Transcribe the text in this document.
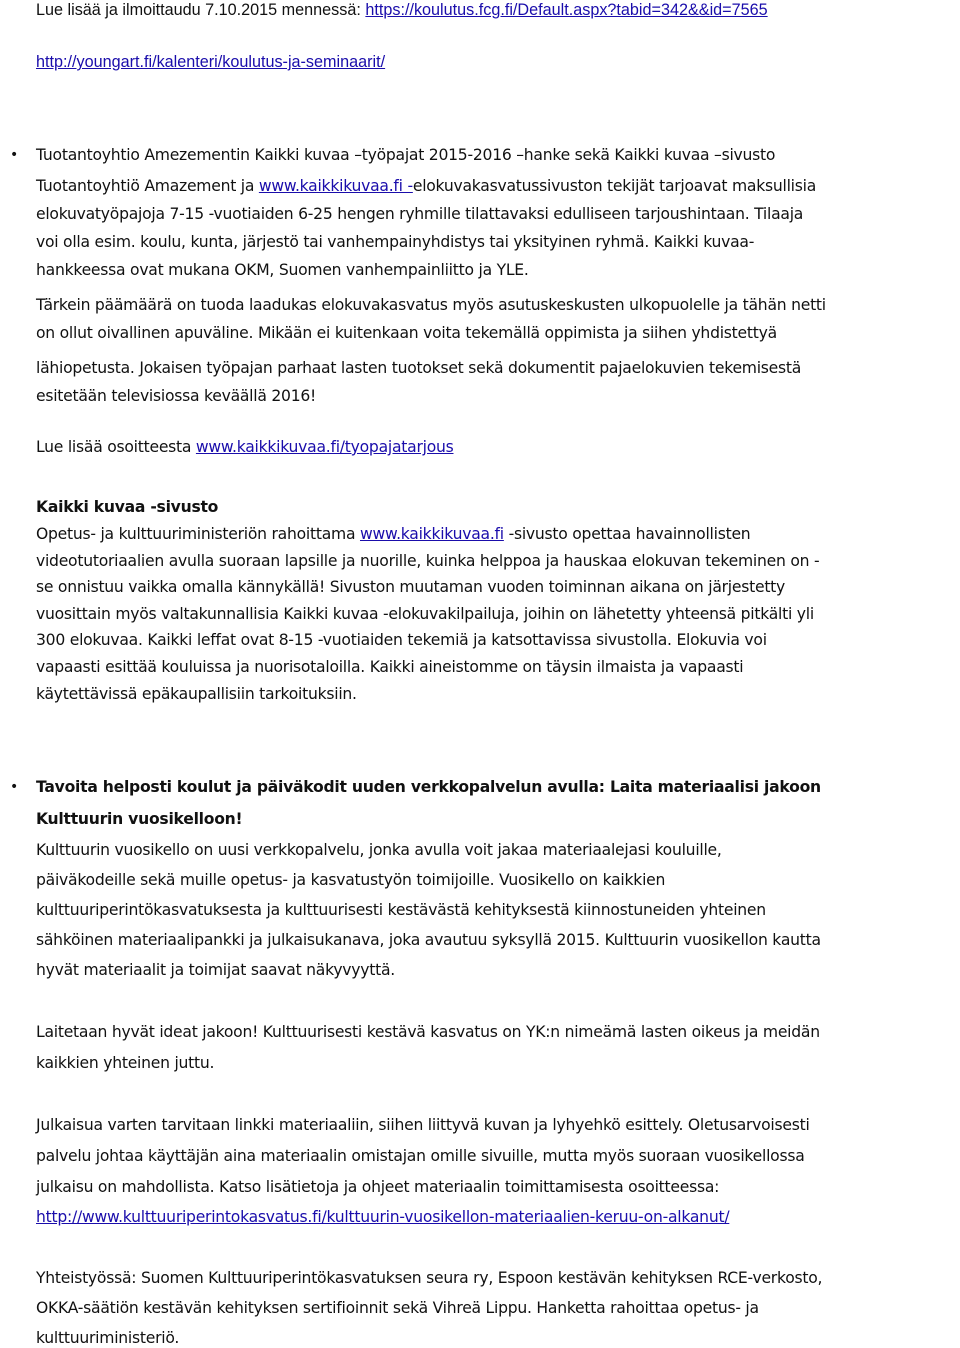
Lue lisää ja ilmoittaudu 7.10.2015 mennessä: https://koulutus.fcg.fi/Default.aspx?tabid=342&&id=7565
http://youngart.fi/kalenteri/koulutus-ja-seminaarit/
• Tuotantoyhtio Amezementin Kaikki kuvaa –työpajat 2015-2016 –hanke sekä Kaikki kuvaa –sivusto
Tuotantoyhtiö Amazement ja www.kaikkikuvaa.fi -elokuvakasvatussivuston tekijät tarjoavat maksullisia
elokuvatyöpajoja 7-15 -vuotiaiden 6-25 hengen ryhmille tilattavaksi edulliseen tarjoushintaan. Tilaaja
voi olla esim. koulu, kunta, järjestö tai vanhempainyhdistys tai yksityinen ryhmä. Kaikki kuvaa-
hankkeessa ovat mukana OKM, Suomen vanhempainliitto ja YLE.
Tärkein päämäärä on tuoda laadukas elokuvakasvatus myös asutuskeskusten ulkopuolelle ja tähän netti
on ollut oivallinen apuväline. Mikään ei kuitenkaan voita tekemällä oppimista ja siihen yhdistettyä
lähiopetusta. Jokaisen työpajan parhaat lasten tuotokset sekä dokumentit pajaelokuvien tekemisestä
esitetään televisiossa keväällä 2016!
Lue lisää osoitteesta www.kaikkikuvaa.fi/tyopajatarjous
Kaikki kuvaa -sivusto
Opetus- ja kulttuuriministeriön rahoittama www.kaikkikuvaa.fi -sivusto opettaa havainnollisten
videotutoriaalien avulla suoraan lapsille ja nuorille, kuinka helppoa ja hauskaa elokuvan tekeminen on -
se onnistuu vaikka omalla kännykällä! Sivuston muutaman vuoden toiminnan aikana on järjestetty
vuosittain myös valtakunnallisia Kaikki kuvaa -elokuvakilpailuja, joihin on lähetetty yhteensä pitkälti yli
300 elokuvaa. Kaikki leffat ovat 8-15 -vuotiaiden tekemiä ja katsottavissa sivustolla. Elokuvia voi
vapaasti esittää kouluissa ja nuorisotaloilla. Kaikki aineistomme on täysin ilmaista ja vapaasti
käytettävissä epäkaupallisiin tarkoituksiin.
• Tavoita helposti koulut ja päiväkodit uuden verkkopalvelun avulla: Laita materiaalisi jakoon
Kulttuurin vuosikelloon!
Kulttuurin vuosikello on uusi verkkopalvelu, jonka avulla voit jakaa materiaalejasi kouluille,
päiväkodeille sekä muille opetus- ja kasvatustyön toimijoille. Vuosikello on kaikkien
kulttuuriperintökasvatuksesta ja kulttuurisesti kestävästä kehityksestä kiinnostuneiden yhteinen
sähköinen materiaalipankki ja julkaisukanava, joka avautuu syksyllä 2015. Kulttuurin vuosikellon kautta
hyvät materiaalit ja toimijat saavat näkyvyyttä.
Laitetaan hyvät ideat jakoon! Kulttuurisesti kestävä kasvatus on YK:n nimeämä lasten oikeus ja meidän
kaikkien yhteinen juttu.
Julkaisua varten tarvitaan linkki materiaaliin, siihen liittyvä kuvan ja lyhyehkö esittely. Oletusarvoisesti
palvelu johtaa käyttäjän aina materiaalin omistajan omille sivuille, mutta myös suoraan vuosikellossa
julkaisu on mahdollista. Katso lisätietoja ja ohjeet materiaalin toimittamisesta osoitteessa:
http://www.kulttuuriperintokasvatus.fi/kulttuurin-vuosikellon-materiaalien-keruu-on-alkanut/
Yhteistyössä: Suomen Kulttuuriperintökasvatuksen seura ry, Espoon kestävän kehityksen RCE-verkosto,
OKKA-säätiön kestävän kehityksen sertifioinnit sekä Vihreä Lippu. Hanketta rahoittaa opetus- ja
kulttuuriministeriö.
